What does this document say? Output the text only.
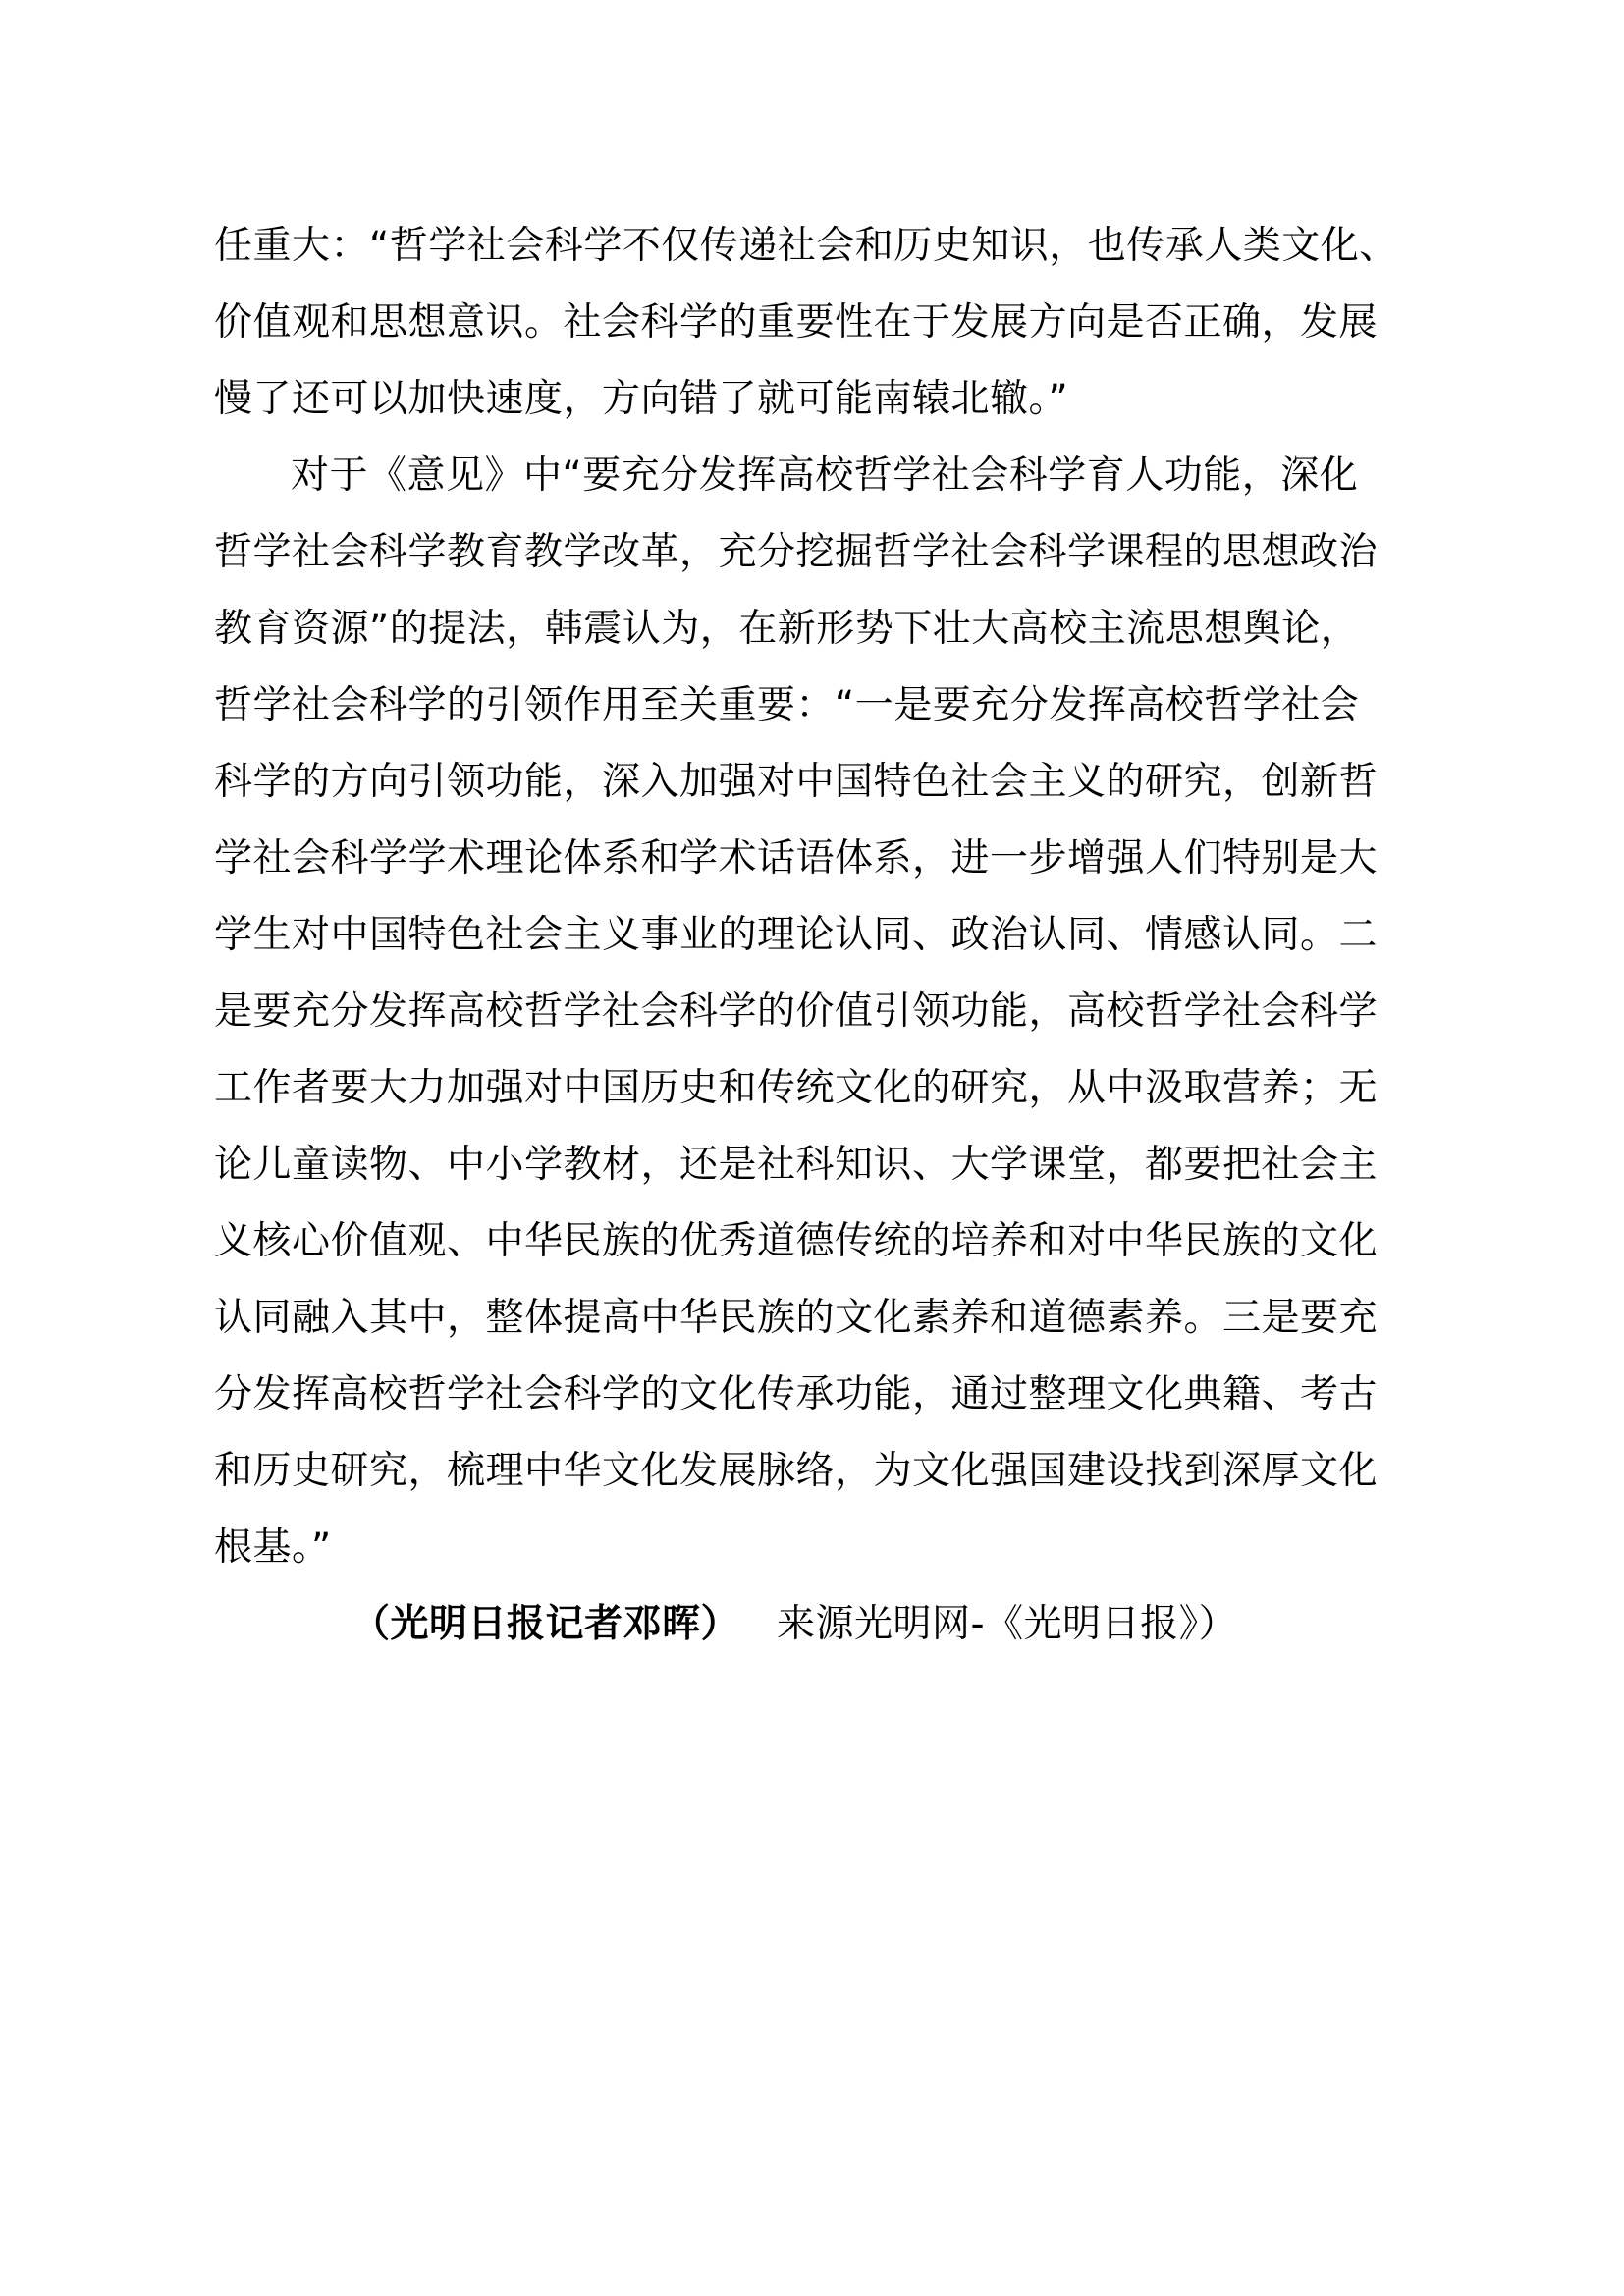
任重大：“哲学社会科学不仅传递社会和历史知识，也传承人类文化、
价值观和思想意识。社会科学的重要性在于发展方向是否正确，发展
慢了还可以加快速度，方向错了就可能南辕北辙。”
对于《意见》中“要充分发挥高校哲学社会科学育人功能，深化
哲学社会科学教育教学改革，充分挖掘哲学社会科学课程的思想政治
教育资源”的提法，韩震认为，在新形势下壮大高校主流思想舆论，
哲学社会科学的引领作用至关重要：“一是要充分发挥高校哲学社会
科学的方向引领功能，深入加强对中国特色社会主义的研究，创新哲
学社会科学学术理论体系和学术话语体系，进一步增强人们特别是大
学生对中国特色社会主义事业的理论认同、政治认同、情感认同。二
是要充分发挥高校哲学社会科学的价值引领功能，高校哲学社会科学
工作者要大力加强对中国历史和传统文化的研究，从中汲取营养；无
论儿童读物、中小学教材，还是社科知识、大学课堂，都要把社会主
义核心价值观、中华民族的优秀道德传统的培养和对中华民族的文化
认同融入其中，整体提高中华民族的文化素养和道德素养。三是要充
分发挥高校哲学社会科学的文化传承功能，通过整理文化典籍、考古
和历史研究，梳理中华文化发展脉络，为文化强国建设找到深厚文化
根基。”
（光明日报记者邓晖） 来源光明网-《光明日报》）
